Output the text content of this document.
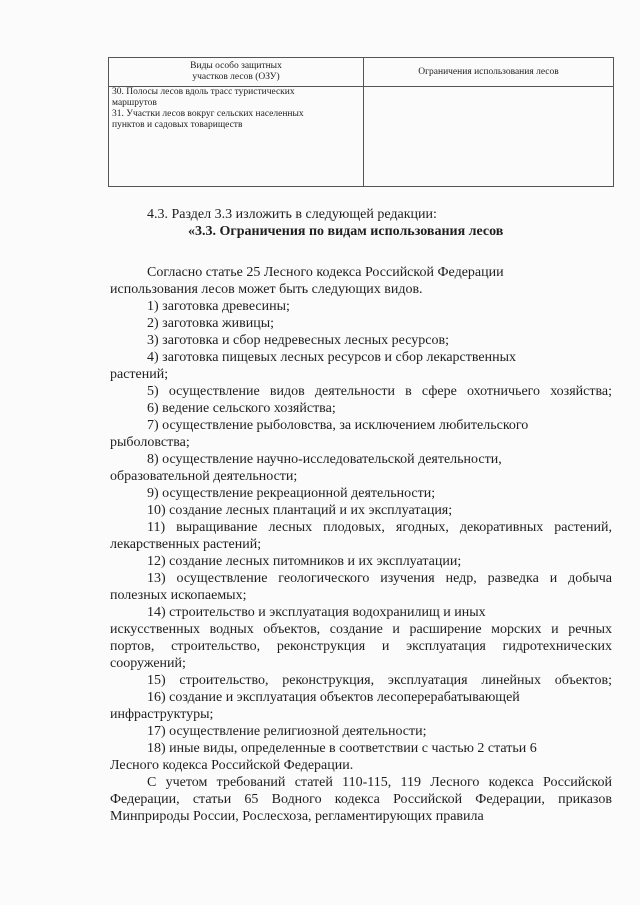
Виды особо защитных
участков лесов (ОЗУ)	Ограничения использования лесов

30. Полосы лесов вдоль трасс туристических
маршрутов
31. Участки лесов вокруг сельских населенных
пунктов и садовых товариществ	

4.3. Раздел 3.3 изложить в следующей редакции:
«3.3. Ограничения по видам использования лесов
Согласно статье 25 Лесного кодекса Российской Федерации
использования лесов может быть следующих видов.
1) заготовка древесины;
2) заготовка живицы;
3) заготовка и сбор недревесных лесных ресурсов;
4) заготовка пищевых лесных ресурсов и сбор лекарственных
растений;
5) осуществление видов деятельности в сфере охотничьего хозяйства;
6) ведение сельского хозяйства;
7) осуществление рыболовства, за исключением любительского
рыболовства;
8) осуществление научно-исследовательской деятельности,
образовательной деятельности;
9) осуществление рекреационной деятельности;
10) создание лесных плантаций и их эксплуатация;
11) выращивание лесных плодовых, ягодных, декоративных растений,
лекарственных растений;
12) создание лесных питомников и их эксплуатации;
13) осуществление геологического изучения недр, разведка и добыча
полезных ископаемых;
14) строительство и эксплуатация водохранилищ и иных
искусственных водных объектов, создание и расширение морских и речных
портов, строительство, реконструкция и эксплуатация гидротехнических
сооружений;
15) строительство, реконструкция, эксплуатация линейных объектов;
16) создание и эксплуатация объектов лесоперерабатывающей
инфраструктуры;
17) осуществление религиозной деятельности;
18) иные виды, определенные в соответствии с частью 2 статьи 6
Лесного кодекса Российской Федерации.
С учетом требований статей 110-115, 119 Лесного кодекса Российской
Федерации, статьи 65 Водного кодекса Российской Федерации, приказов
Минприроды России, Рослесхоза, регламентирующих правила
